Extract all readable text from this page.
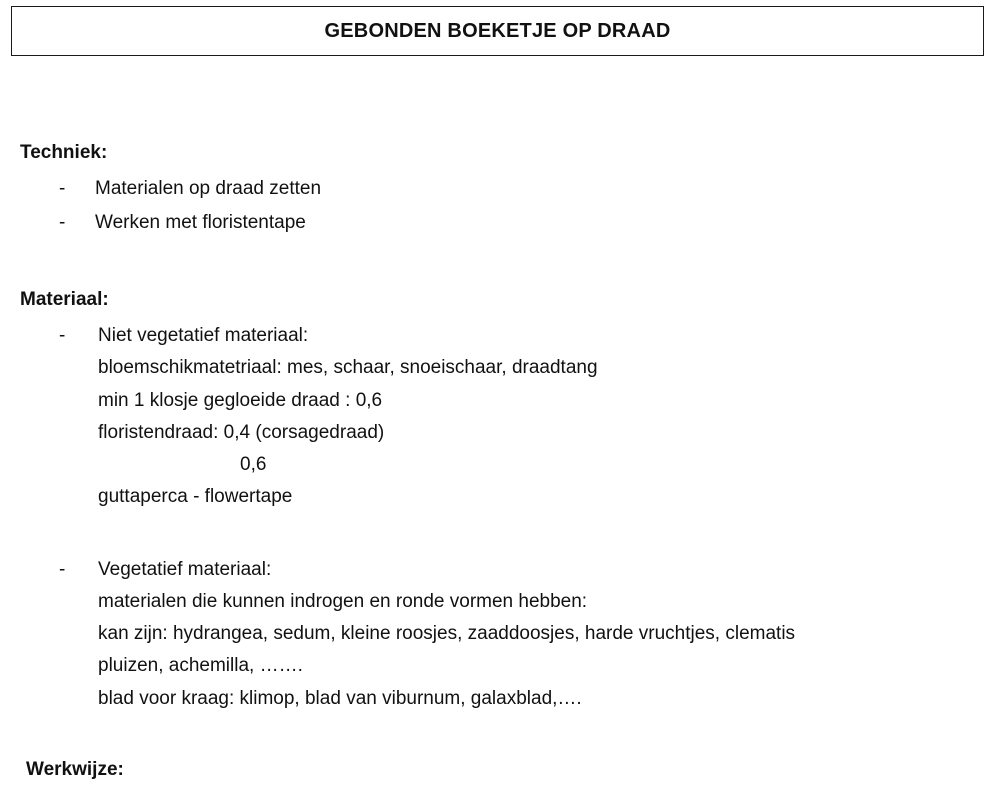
GEBONDEN BOEKETJE OP DRAAD
Techniek:
- Materialen op draad zetten
- Werken met floristentape
Materiaal:
- Niet vegetatief materiaal:
bloemschikmatetriaal: mes, schaar, snoeischaar, draadtang
min 1 klosje gegloeide draad : 0,6
floristendraad: 0,4 (corsagedraad)
0,6
guttaperca - flowertape
- Vegetatief materiaal:
materialen die kunnen indrogen en ronde vormen hebben:
kan zijn: hydrangea, sedum, kleine roosjes, zaaddoosjes, harde vruchtjes, clematis
pluizen, achemilla, …….
blad voor kraag: klimop, blad van viburnum, galaxblad,….
Werkwijze:
